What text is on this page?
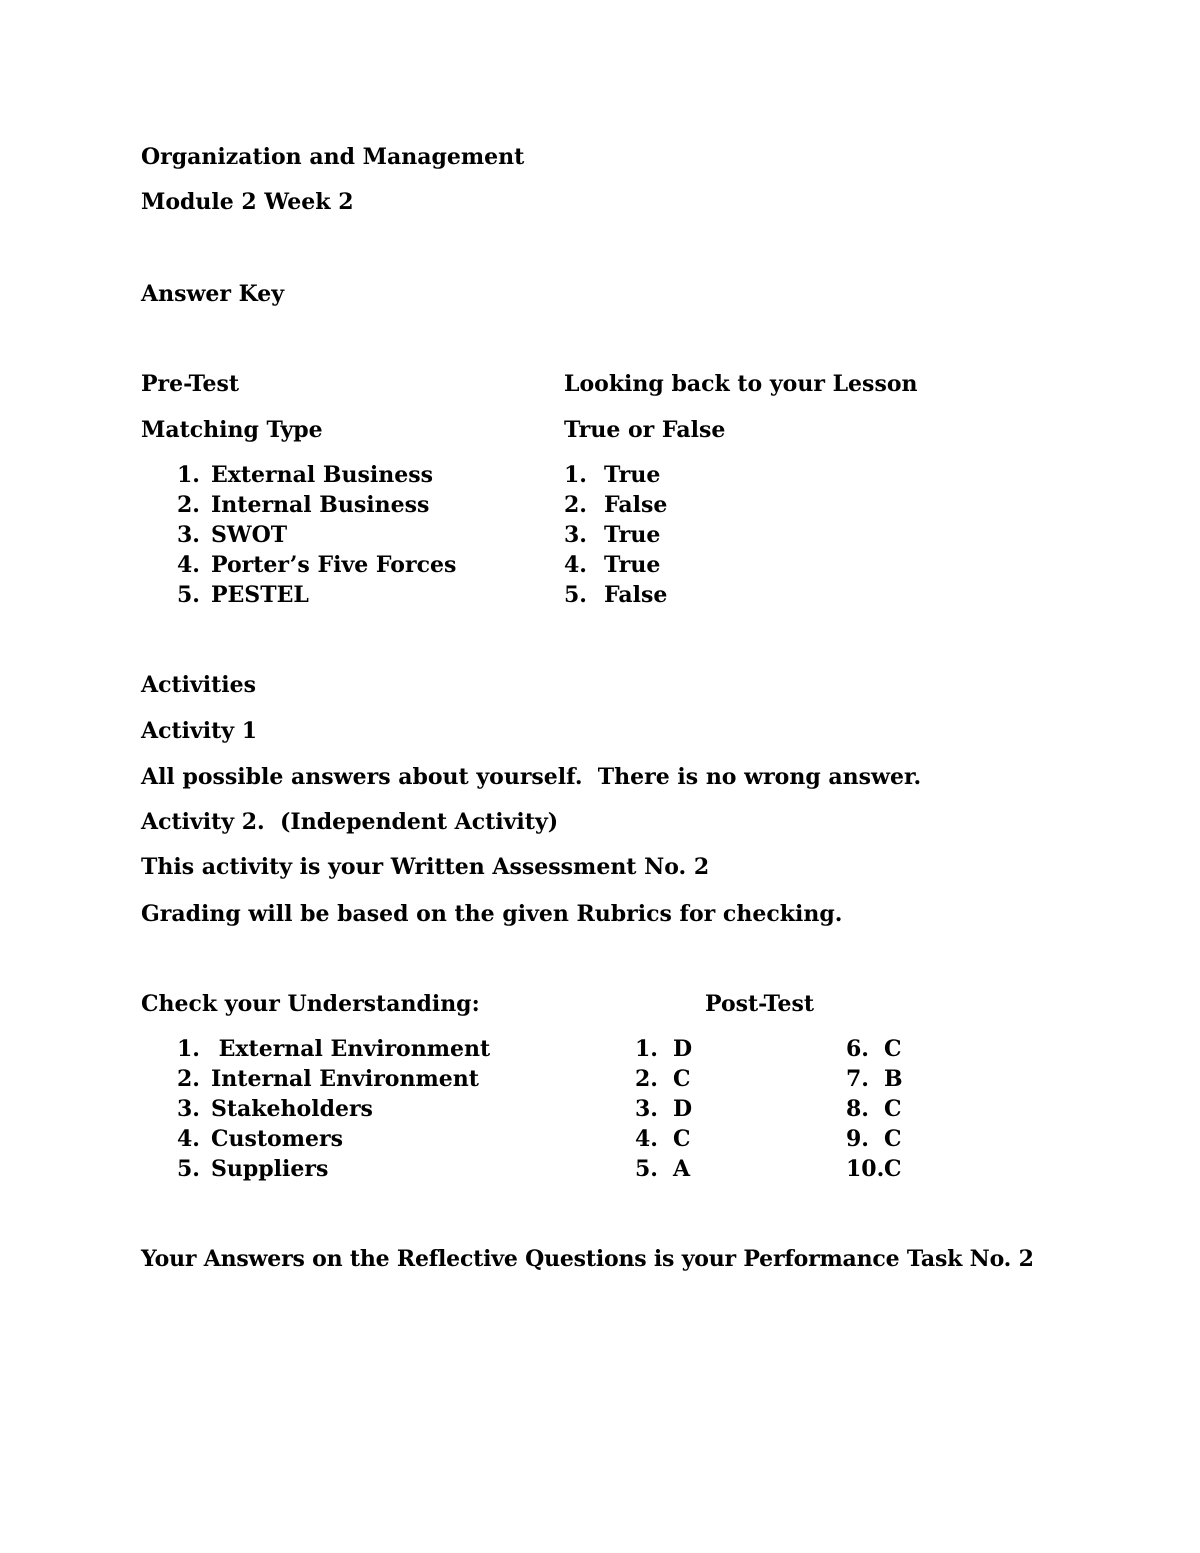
Organization and Management
Module 2 Week 2
Answer Key
Pre-Test
Matching Type
1. External Business
2. Internal Business
3. SWOT
4. Porter’s Five Forces
5. PESTEL
Looking back to your Lesson
True or False
1. True
2. False
3. True
4. True
5. False
Activities
Activity 1
All possible answers about yourself.  There is no wrong answer.
Activity 2.  (Independent Activity)
This activity is your Written Assessment No. 2
Grading will be based on the given Rubrics for checking.
Check your Understanding:
1. External Environment
2. Internal Environment
3. Stakeholders
4. Customers
5. Suppliers
Post-Test
1. D
2. C
3. D
4. C
5. A
6. C
7. B
8. C
9. C
10.C
Your Answers on the Reflective Questions is your Performance Task No. 2
